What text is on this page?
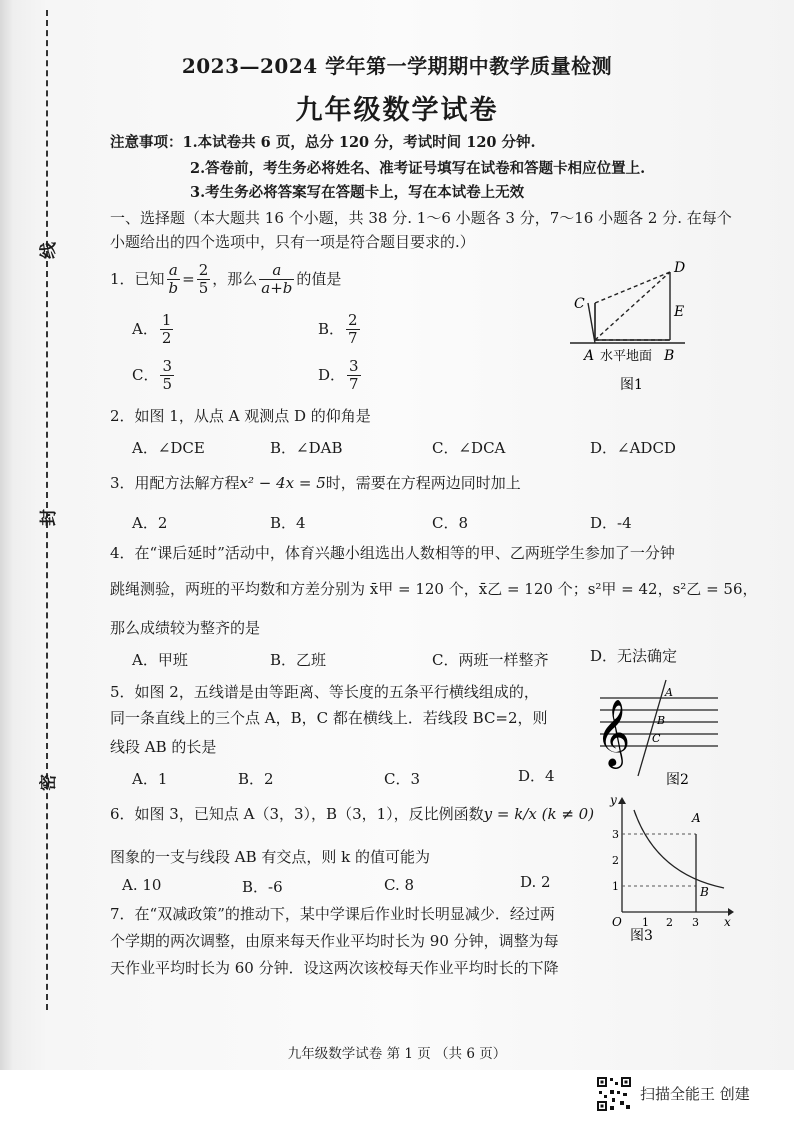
线
封
密
2023—2024 学年第一学期期中教学质量检测
九年级数学试卷
注意事项：1.本试卷共 6 页，总分 120 分，考试时间 120 分钟.
2.答卷前，考生务必将姓名、准考证号填写在试卷和答题卡相应位置上.
3.考生务必将答案写在答题卡上，写在本试卷上无效
一、选择题（本大题共 16 个小题，共 38 分. 1～6 小题各 3 分，7～16 小题各 2 分. 在每个
小题给出的四个选项中，只有一项是符合题目要求的.）
1．已知 $\frac{a}{b} = \frac{2}{5}$ ，那么 $\frac{a}{a+b}$ 的值是
A． $\frac{1}{2}$	B． $\frac{2}{7}$
C． $\frac{3}{5}$	D． $\frac{3}{7}$
C
D
E
A 水平地面 B
图1
2．如图 1，从点 A 观测点 D 的仰角是
A．∠DCE	B．∠DAB	C．∠DCA	D．∠ADCD
3．用配方法解方程x² − 4x = 5时，需要在方程两边同时加上
A．2	B．4	C．8	D．-4
4．在“课后延时”活动中，体育兴趣小组选出人数相等的甲、乙两班学生参加了一分钟
跳绳测验，两班的平均数和方差分别为 x̄甲 = 120 个，x̄乙 = 120 个；s²甲 = 42，s²乙 = 56，
那么成绩较为整齐的是
A．甲班	B．乙班	C．两班一样整齐	D．无法确定
5．如图 2，五线谱是由等距离、等长度的五条平行横线组成的，
同一条直线上的三个点 A，B，C 都在横线上．若线段 BC=2，则
线段 AB 的长是
A．1	B．2	C．3	D．4
𝄞
A
B
C
图2
6．如图 3，已知点 A（3，3），B（3，1），反比例函数y = k/x (k ≠ 0)
图象的一支与线段 AB 有交点，则 k 的值可能为
A. 10	B．-6	C. 8	D. 2
y
x
O 1 2 3
1
2
3
A
B
图3
7．在“双减政策”的推动下，某中学课后作业时长明显减少．经过两
个学期的两次调整，由原来每天作业平均时长为 90 分钟，调整为每
天作业平均时长为 60 分钟．设这两次该校每天作业平均时长的下降
九年级数学试卷 第 1 页 （共 6 页）
扫描全能王 创建
